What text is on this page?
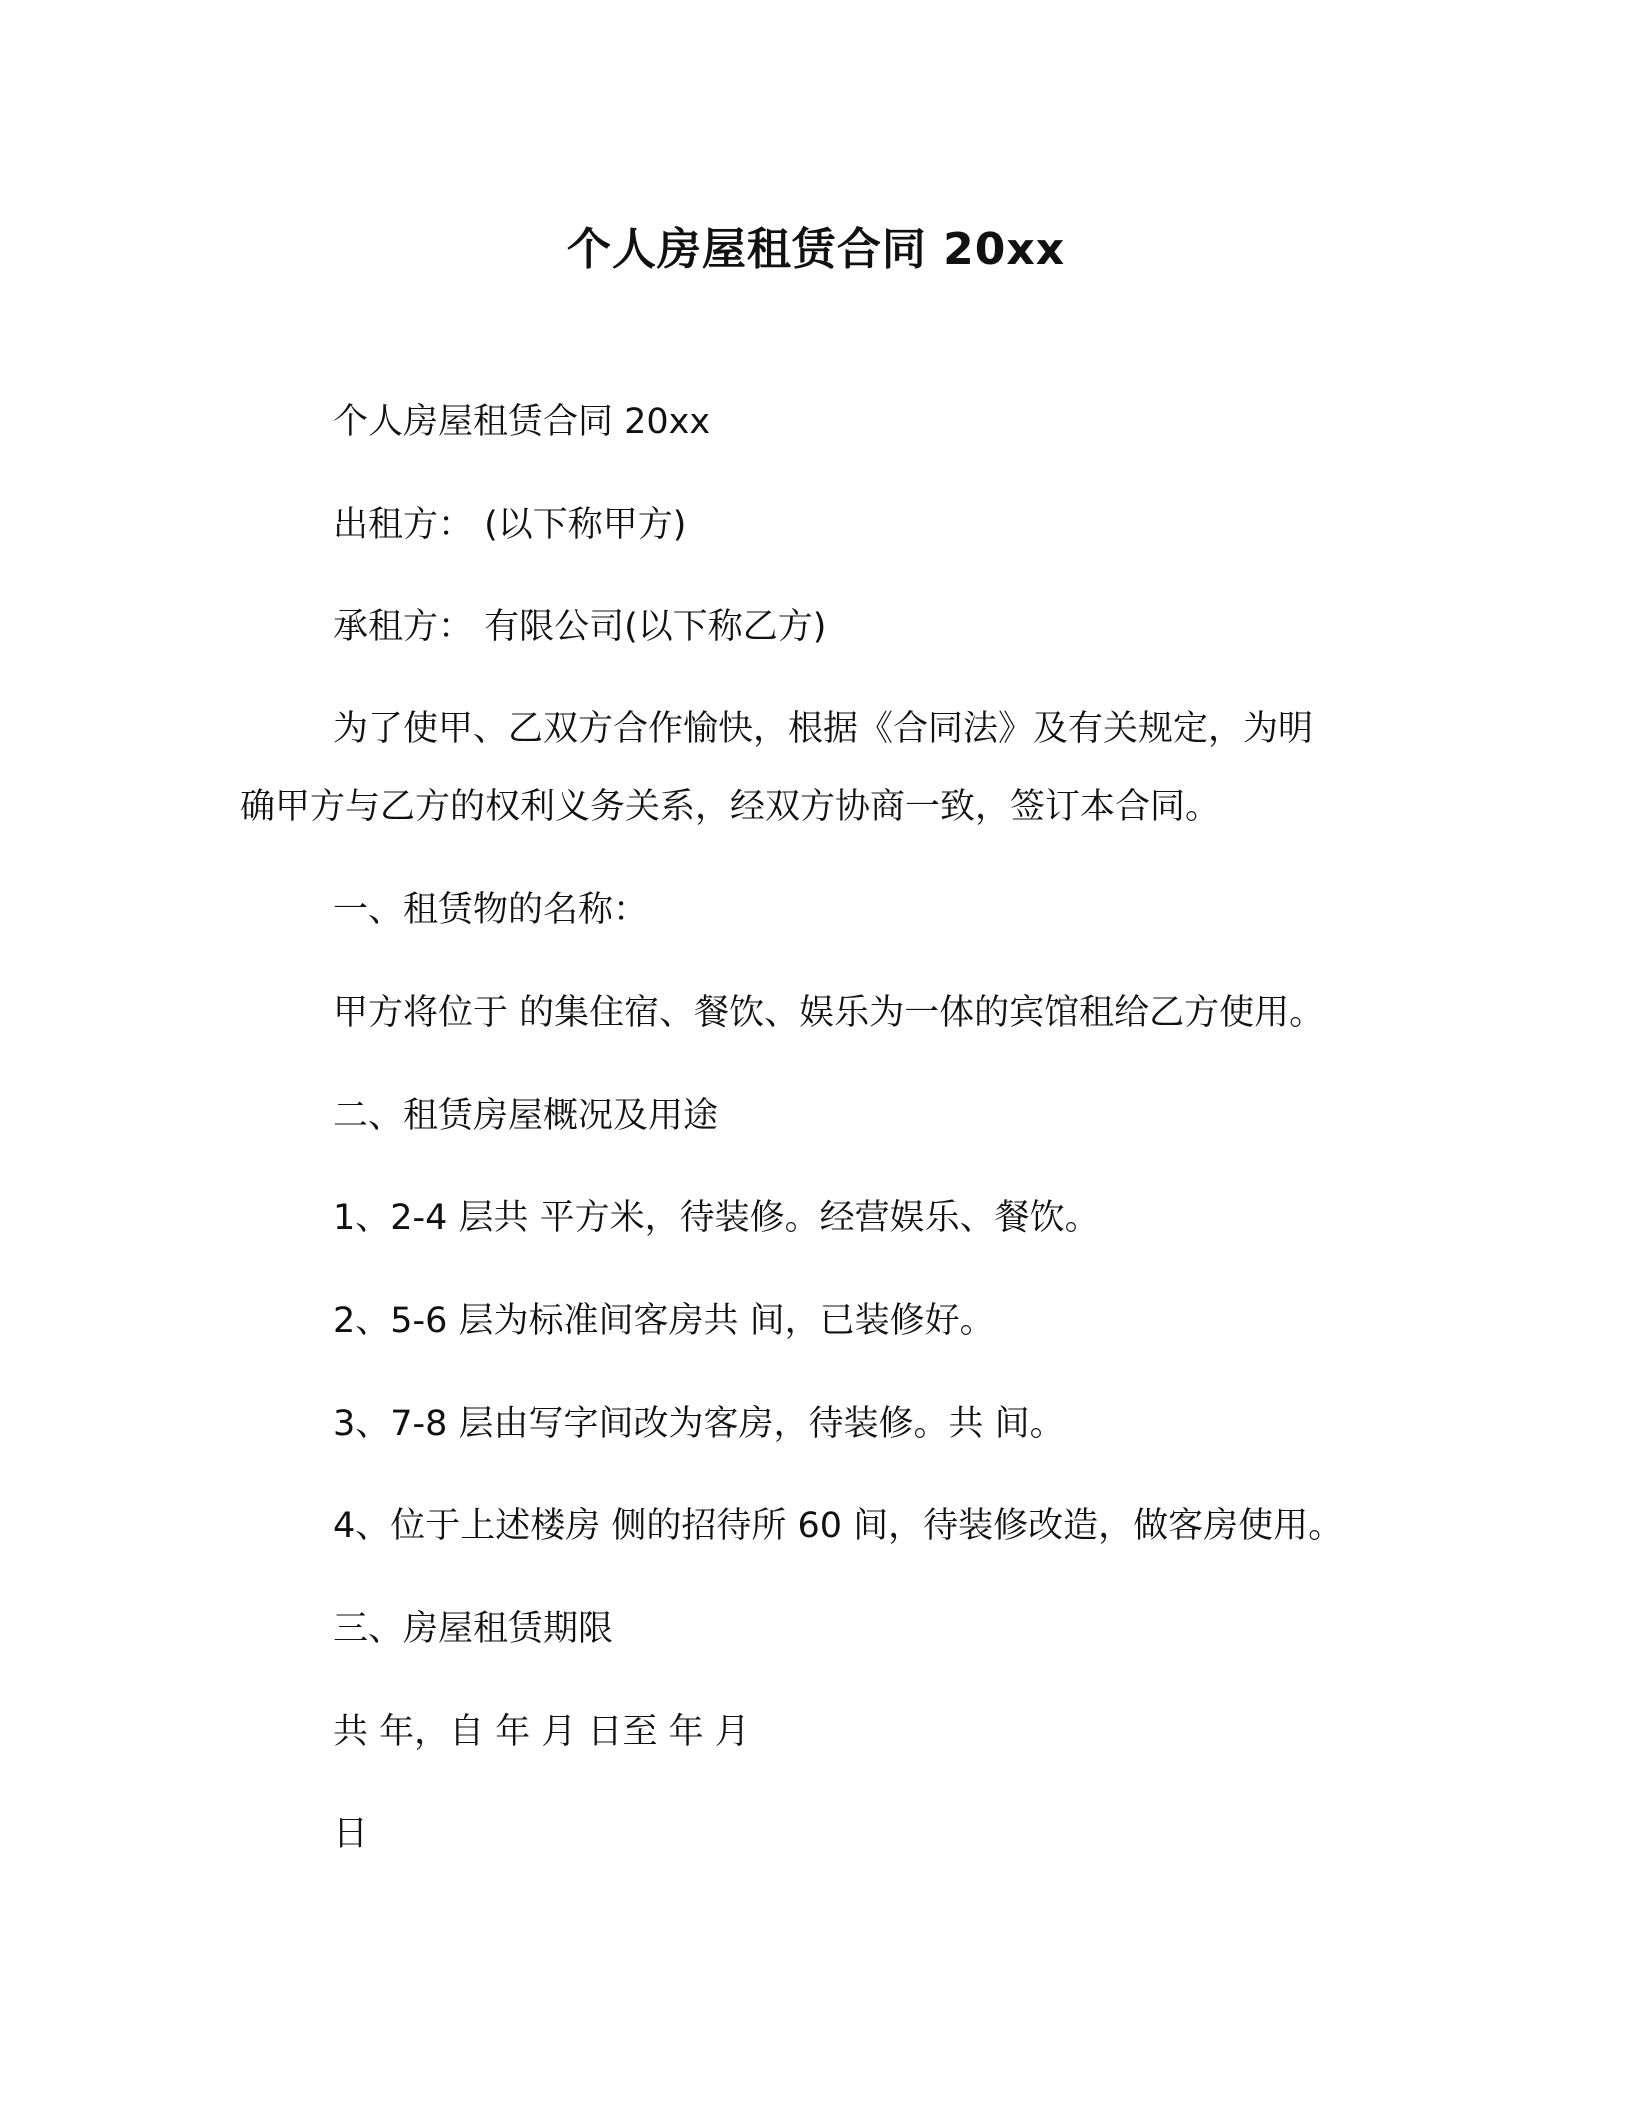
个人房屋租赁合同 20xx
个人房屋租赁合同 20xx
出租方： (以下称甲方)
承租方： 有限公司(以下称乙方)
为了使甲、乙双方合作愉快，根据《合同法》及有关规定，为明
确甲方与乙方的权利义务关系，经双方协商一致，签订本合同。
一、租赁物的名称：
甲方将位于 的集住宿、餐饮、娱乐为一体的宾馆租给乙方使用。
二、租赁房屋概况及用途
1、2-4 层共 平方米，待装修。经营娱乐、餐饮。
2、5-6 层为标准间客房共 间，已装修好。
3、7-8 层由写字间改为客房，待装修。共 间。
4、位于上述楼房 侧的招待所 60 间，待装修改造，做客房使用。
三、房屋租赁期限
共 年，自 年 月 日至 年 月
日
